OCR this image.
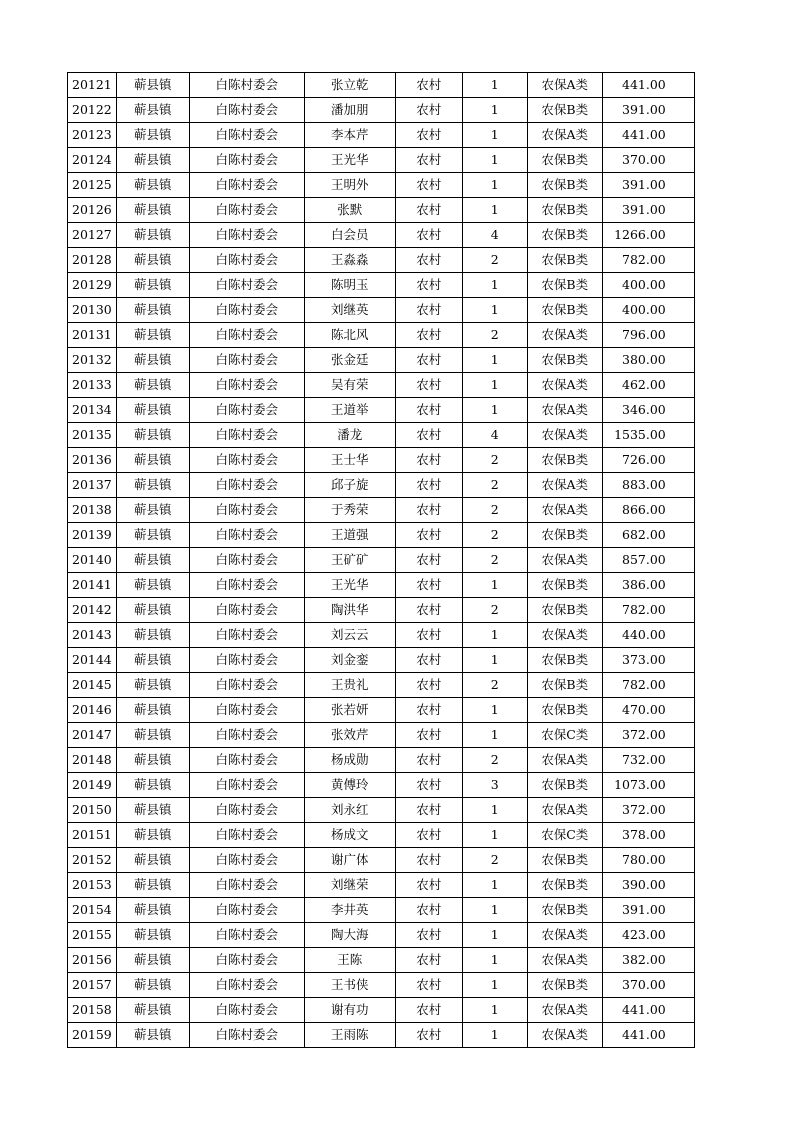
20121	蕲县镇	白陈村委会	张立乾	农村	1	农保A类	441.00
20122	蕲县镇	白陈村委会	潘加朋	农村	1	农保B类	391.00
20123	蕲县镇	白陈村委会	李本芹	农村	1	农保A类	441.00
20124	蕲县镇	白陈村委会	王光华	农村	1	农保B类	370.00
20125	蕲县镇	白陈村委会	王明外	农村	1	农保B类	391.00
20126	蕲县镇	白陈村委会	张默	农村	1	农保B类	391.00
20127	蕲县镇	白陈村委会	白会员	农村	4	农保B类	1266.00
20128	蕲县镇	白陈村委会	王淼淼	农村	2	农保B类	782.00
20129	蕲县镇	白陈村委会	陈明玉	农村	1	农保B类	400.00
20130	蕲县镇	白陈村委会	刘继英	农村	1	农保B类	400.00
20131	蕲县镇	白陈村委会	陈北风	农村	2	农保A类	796.00
20132	蕲县镇	白陈村委会	张金廷	农村	1	农保B类	380.00
20133	蕲县镇	白陈村委会	吴有荣	农村	1	农保A类	462.00
20134	蕲县镇	白陈村委会	王道举	农村	1	农保A类	346.00
20135	蕲县镇	白陈村委会	潘龙	农村	4	农保A类	1535.00
20136	蕲县镇	白陈村委会	王士华	农村	2	农保B类	726.00
20137	蕲县镇	白陈村委会	邱子旋	农村	2	农保A类	883.00
20138	蕲县镇	白陈村委会	于秀荣	农村	2	农保A类	866.00
20139	蕲县镇	白陈村委会	王道强	农村	2	农保B类	682.00
20140	蕲县镇	白陈村委会	王矿矿	农村	2	农保A类	857.00
20141	蕲县镇	白陈村委会	王光华	农村	1	农保B类	386.00
20142	蕲县镇	白陈村委会	陶洪华	农村	2	农保B类	782.00
20143	蕲县镇	白陈村委会	刘云云	农村	1	农保A类	440.00
20144	蕲县镇	白陈村委会	刘金銮	农村	1	农保B类	373.00
20145	蕲县镇	白陈村委会	王贵礼	农村	2	农保B类	782.00
20146	蕲县镇	白陈村委会	张若妍	农村	1	农保B类	470.00
20147	蕲县镇	白陈村委会	张效芹	农村	1	农保C类	372.00
20148	蕲县镇	白陈村委会	杨成勋	农村	2	农保A类	732.00
20149	蕲县镇	白陈村委会	黄傅玲	农村	3	农保B类	1073.00
20150	蕲县镇	白陈村委会	刘永红	农村	1	农保A类	372.00
20151	蕲县镇	白陈村委会	杨成文	农村	1	农保C类	378.00
20152	蕲县镇	白陈村委会	谢广体	农村	2	农保B类	780.00
20153	蕲县镇	白陈村委会	刘继荣	农村	1	农保B类	390.00
20154	蕲县镇	白陈村委会	李井英	农村	1	农保B类	391.00
20155	蕲县镇	白陈村委会	陶大海	农村	1	农保A类	423.00
20156	蕲县镇	白陈村委会	王陈	农村	1	农保A类	382.00
20157	蕲县镇	白陈村委会	王书侠	农村	1	农保B类	370.00
20158	蕲县镇	白陈村委会	谢有功	农村	1	农保A类	441.00
20159	蕲县镇	白陈村委会	王雨陈	农村	1	农保A类	441.00
